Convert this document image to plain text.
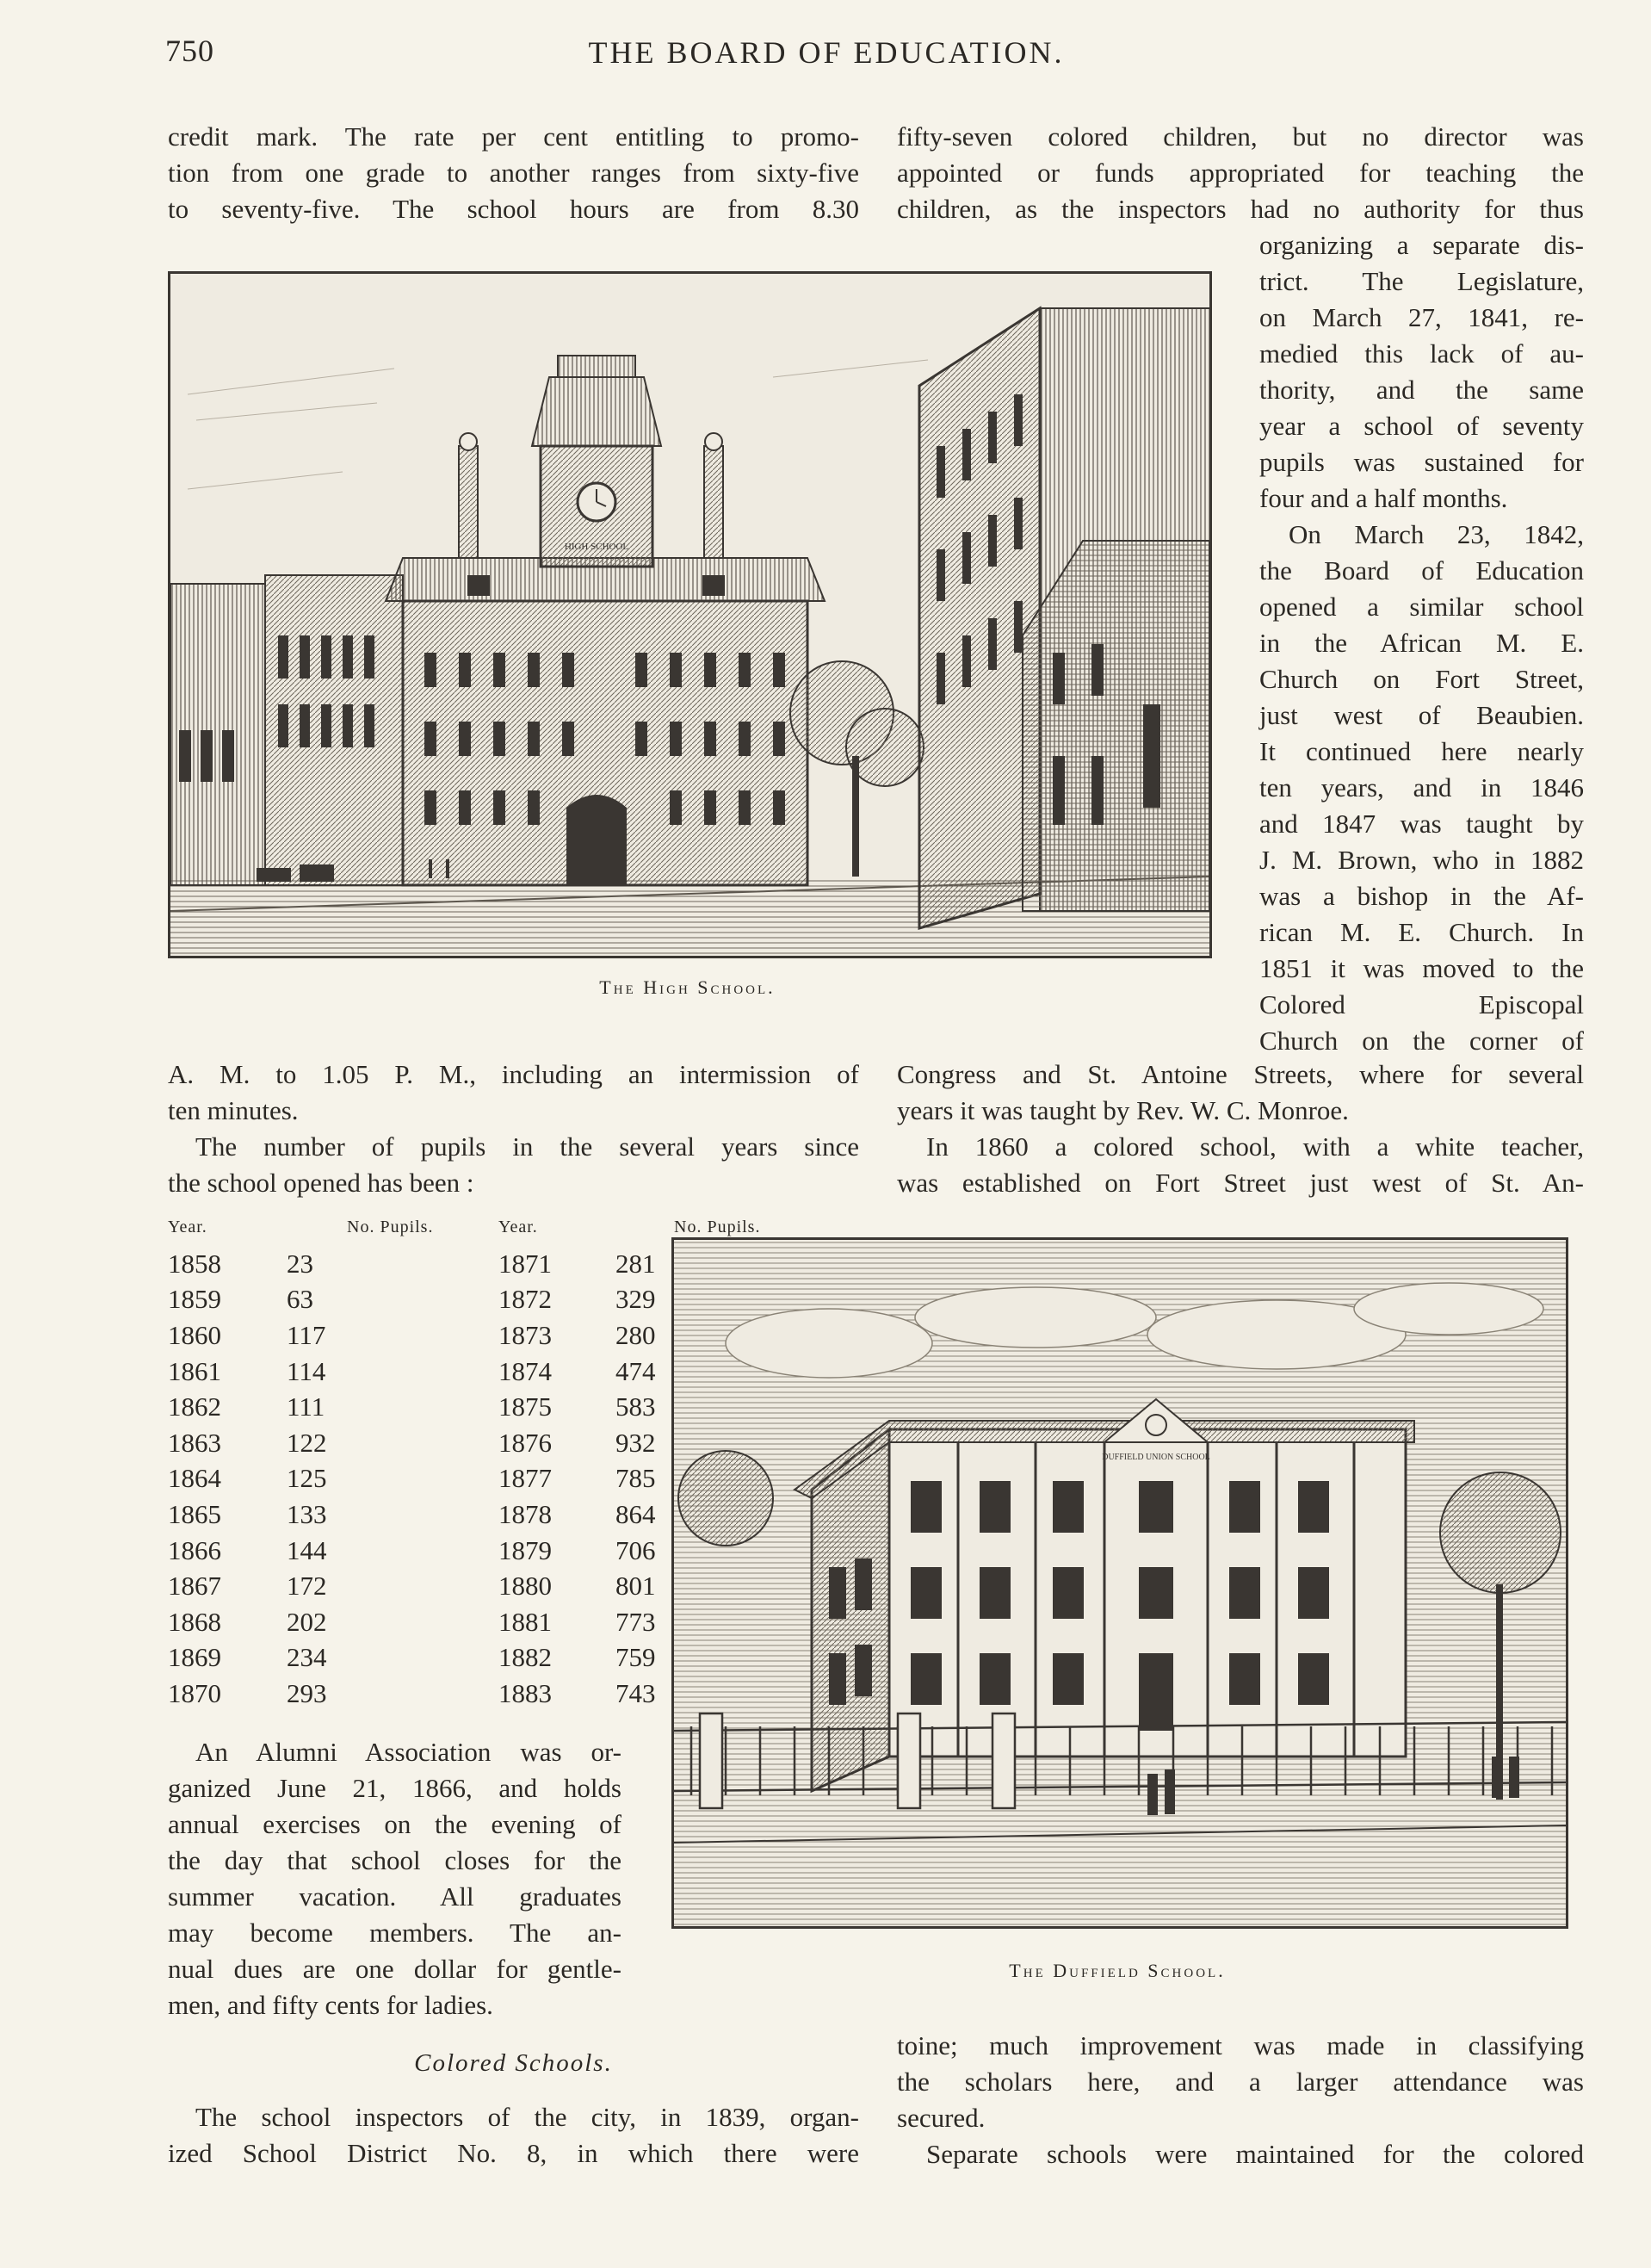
750	THE BOARD OF EDUCATION.
credit mark. The rate per cent entitling to promo-
tion from one grade to another ranges from sixty-five
to seventy-five. The school hours are from 8.30
fifty-seven colored children, but no director was
appointed or funds appropriated for teaching the
children, as the inspectors had no authority for thus
organizing a separate dis-
trict. The Legislature,
on March 27, 1841, re-
medied this lack of au-
thority, and the same
year a school of seventy
pupils was sustained for
four and a half months.
On March 23, 1842,
the Board of Education
opened a similar school
in the African M. E.
Church on Fort Street,
just west of Beaubien.
It continued here nearly
ten years, and in 1846
and 1847 was taught by
J. M. Brown, who in 1882
was a bishop in the Af-
rican M. E. Church. In
1851 it was moved to the
Colored Episcopal
Church on the corner of
HIGH SCHOOL
The High School.
A. M. to 1.05 P. M., including an intermission of
ten minutes.
The number of pupils in the several years since
the school opened has been :
Congress and St. Antoine Streets, where for several
years it was taught by Rev. W. C. Monroe.
In 1860 a colored school, with a white teacher,
was established on Fort Street just west of St. An-
Year.	No. Pupils.	Year.	No. Pupils.
1858	23	1871	281
1859	63	1872	329
1860	117	1873	280
1861	114	1874	474
1862	111	1875	583
1863	122	1876	932
1864	125	1877	785
1865	133	1878	864
1866	144	1879	706
1867	172	1880	801
1868	202	1881	773
1869	234	1882	759
1870	293	1883	743
DUFFIELD UNION SCHOOL
The Duffield School.
An Alumni Association was or-
ganized June 21, 1866, and holds
annual exercises on the evening of
the day that school closes for the
summer vacation. All graduates
may become members. The an-
nual dues are one dollar for gentle-
men, and fifty cents for ladies.
Colored Schools.
The school inspectors of the city, in 1839, organ-
ized School District No. 8, in which there were
toine; much improvement was made in classifying
the scholars here, and a larger attendance was
secured.
Separate schools were maintained for the colored
